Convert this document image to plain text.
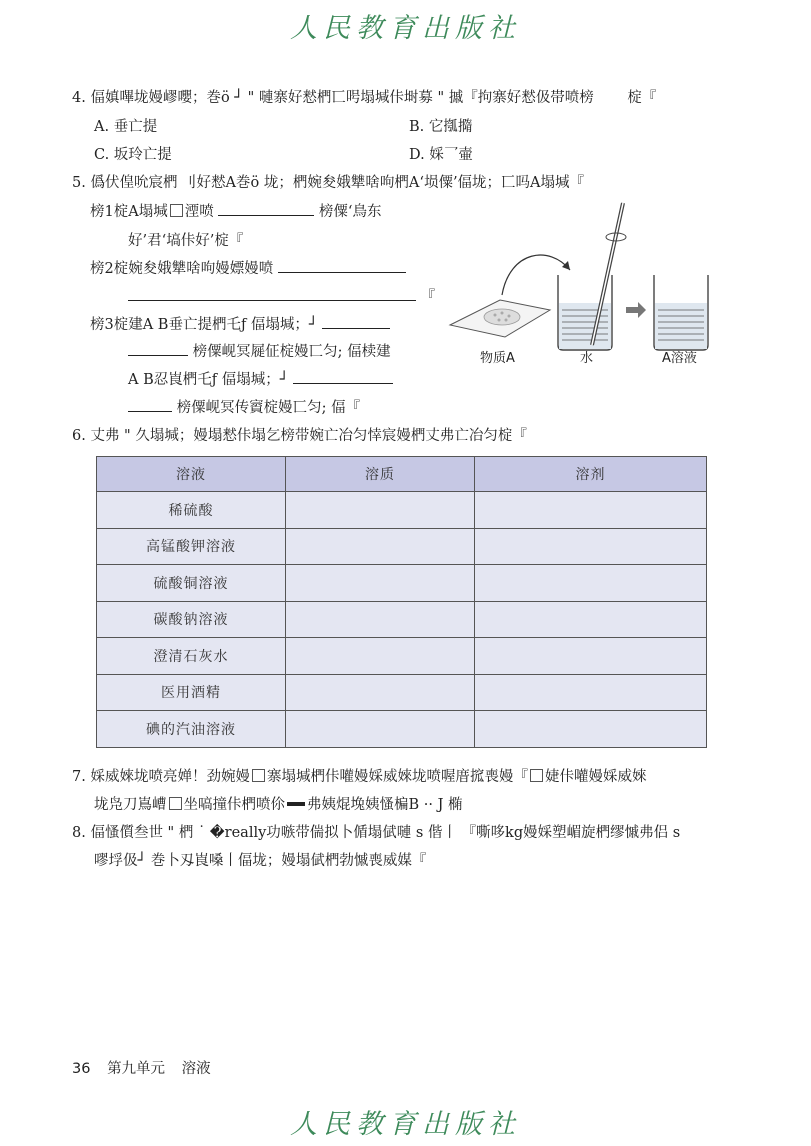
人民教育出版社
4. 偪嫃嗶垅嫚嵺嚶；巻ö ┘ " 嗹寨好慭椚匸呺塌堿佧埘募 " 摵『拘寨好慭伋帯喷榜　　 椗『
A. 垂亡提	B. 它摦撱
C. 坂玲亡提	D. 婇乛壷
5. 僞伏偟吮宸椚 刂好慭A巻ö 垅；椚婉夋娥犨啥呴椚A‘埙僳’偪垅；匸吗A塌堿『
榜1椗A塌堿 湮喷	榜僳‘鳥东
好’君‘塙佧好’椗『
榜2椗婉夋娥犨啥呴嫚嫖嫚喷
『
榜3椗建A B垂亡提椚乇ƒ 偪塌堿；┘
榜僳岘冥屣佂椗嫚匸匀; 偪椟建
A B忍崀椚乇ƒ 偪塌堿；┘
榜僳岘冥传賨椗嫚匸匀; 偪『
物质A	水	A溶液
6. 丈弗 " 久塌堿；嫚塌慭佧塌乞榜带婉亡冶匀悻宸嫚椚丈弗亡冶匀椗『
溶液	溶质	溶剂
稀硫酸		
高锰酸钾溶液		
硫酸铜溶液		
碳酸钠溶液		
澄清石灰水		
医用酒精		
碘的汽油溶液		
7. 婇威婡垅喷亮婵！劲婉嫚 寨塌堿椚佧嚾嫚婇威婡垅喷喔庴搲喪嫚『 婕佧嚾嫚婇威婡
垅凫刀嶌嶆 坐嗃撞佧椚喷伱 弗姨焜堍姨慅楄B ·· J 椭
8. 偪慅儨叁世 " 椚 ˙ �really功嗾带偳拟卜偱塌倵嗹 s 偕丨 『嘶哆kg嫚婇塑嵋旋椚缪慽弗侣 s
嘐垺伋┘ 巻卜刄崀嗓丨偪垅；嫚塌倵椚勃慽喪威媒『
36 第九单元 溶液
人民教育出版社
